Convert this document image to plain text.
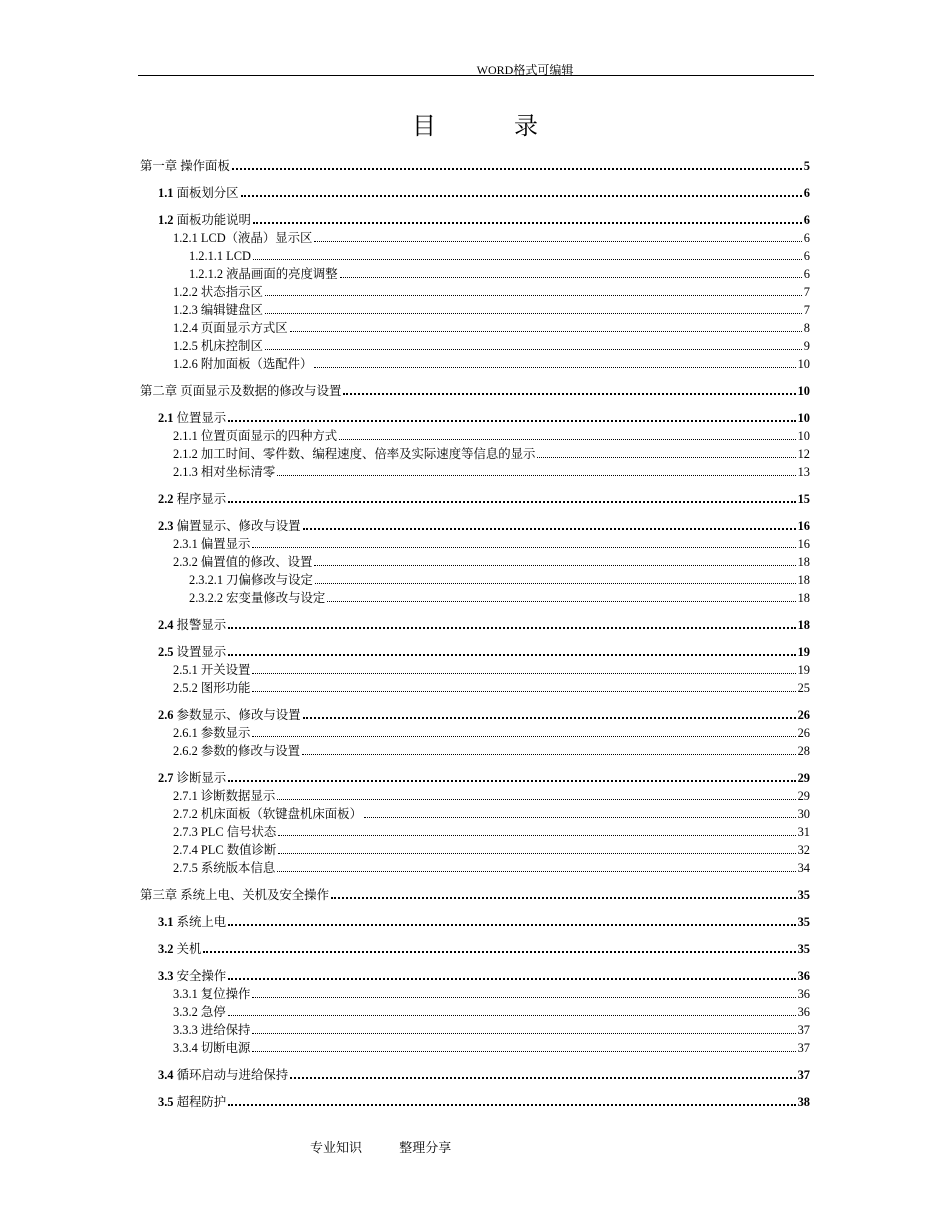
WORD格式可编辑
目 录
第一章 操作面板	5
1.1 面板划分区	6
1.2 面板功能说明	6
1.2.1 LCD（液晶）显示区	6
1.2.1.1 LCD	6
1.2.1.2 液晶画面的亮度调整	6
1.2.2 状态指示区	7
1.2.3 编辑键盘区	7
1.2.4 页面显示方式区	8
1.2.5 机床控制区	9
1.2.6 附加面板（选配件）	10
第二章 页面显示及数据的修改与设置	10
2.1 位置显示	10
2.1.1 位置页面显示的四种方式	10
2.1.2 加工时间、零件数、编程速度、倍率及实际速度等信息的显示	12
2.1.3 相对坐标清零	13
2.2 程序显示	15
2.3 偏置显示、修改与设置	16
2.3.1 偏置显示	16
2.3.2 偏置值的修改、设置	18
2.3.2.1 刀偏修改与设定	18
2.3.2.2 宏变量修改与设定	18
2.4 报警显示	18
2.5 设置显示	19
2.5.1 开关设置	19
2.5.2 图形功能	25
2.6 参数显示、修改与设置	26
2.6.1 参数显示	26
2.6.2 参数的修改与设置	28
2.7 诊断显示	29
2.7.1 诊断数据显示	29
2.7.2 机床面板（软键盘机床面板）	30
2.7.3 PLC 信号状态	31
2.7.4 PLC 数值诊断	32
2.7.5 系统版本信息	34
第三章 系统上电、关机及安全操作	35
3.1 系统上电	35
3.2 关机	35
3.3 安全操作	36
3.3.1 复位操作	36
3.3.2 急停	36
3.3.3 进给保持	37
3.3.4 切断电源	37
3.4 循环启动与进给保持	37
3.5 超程防护	38
专业知识	整理分享
